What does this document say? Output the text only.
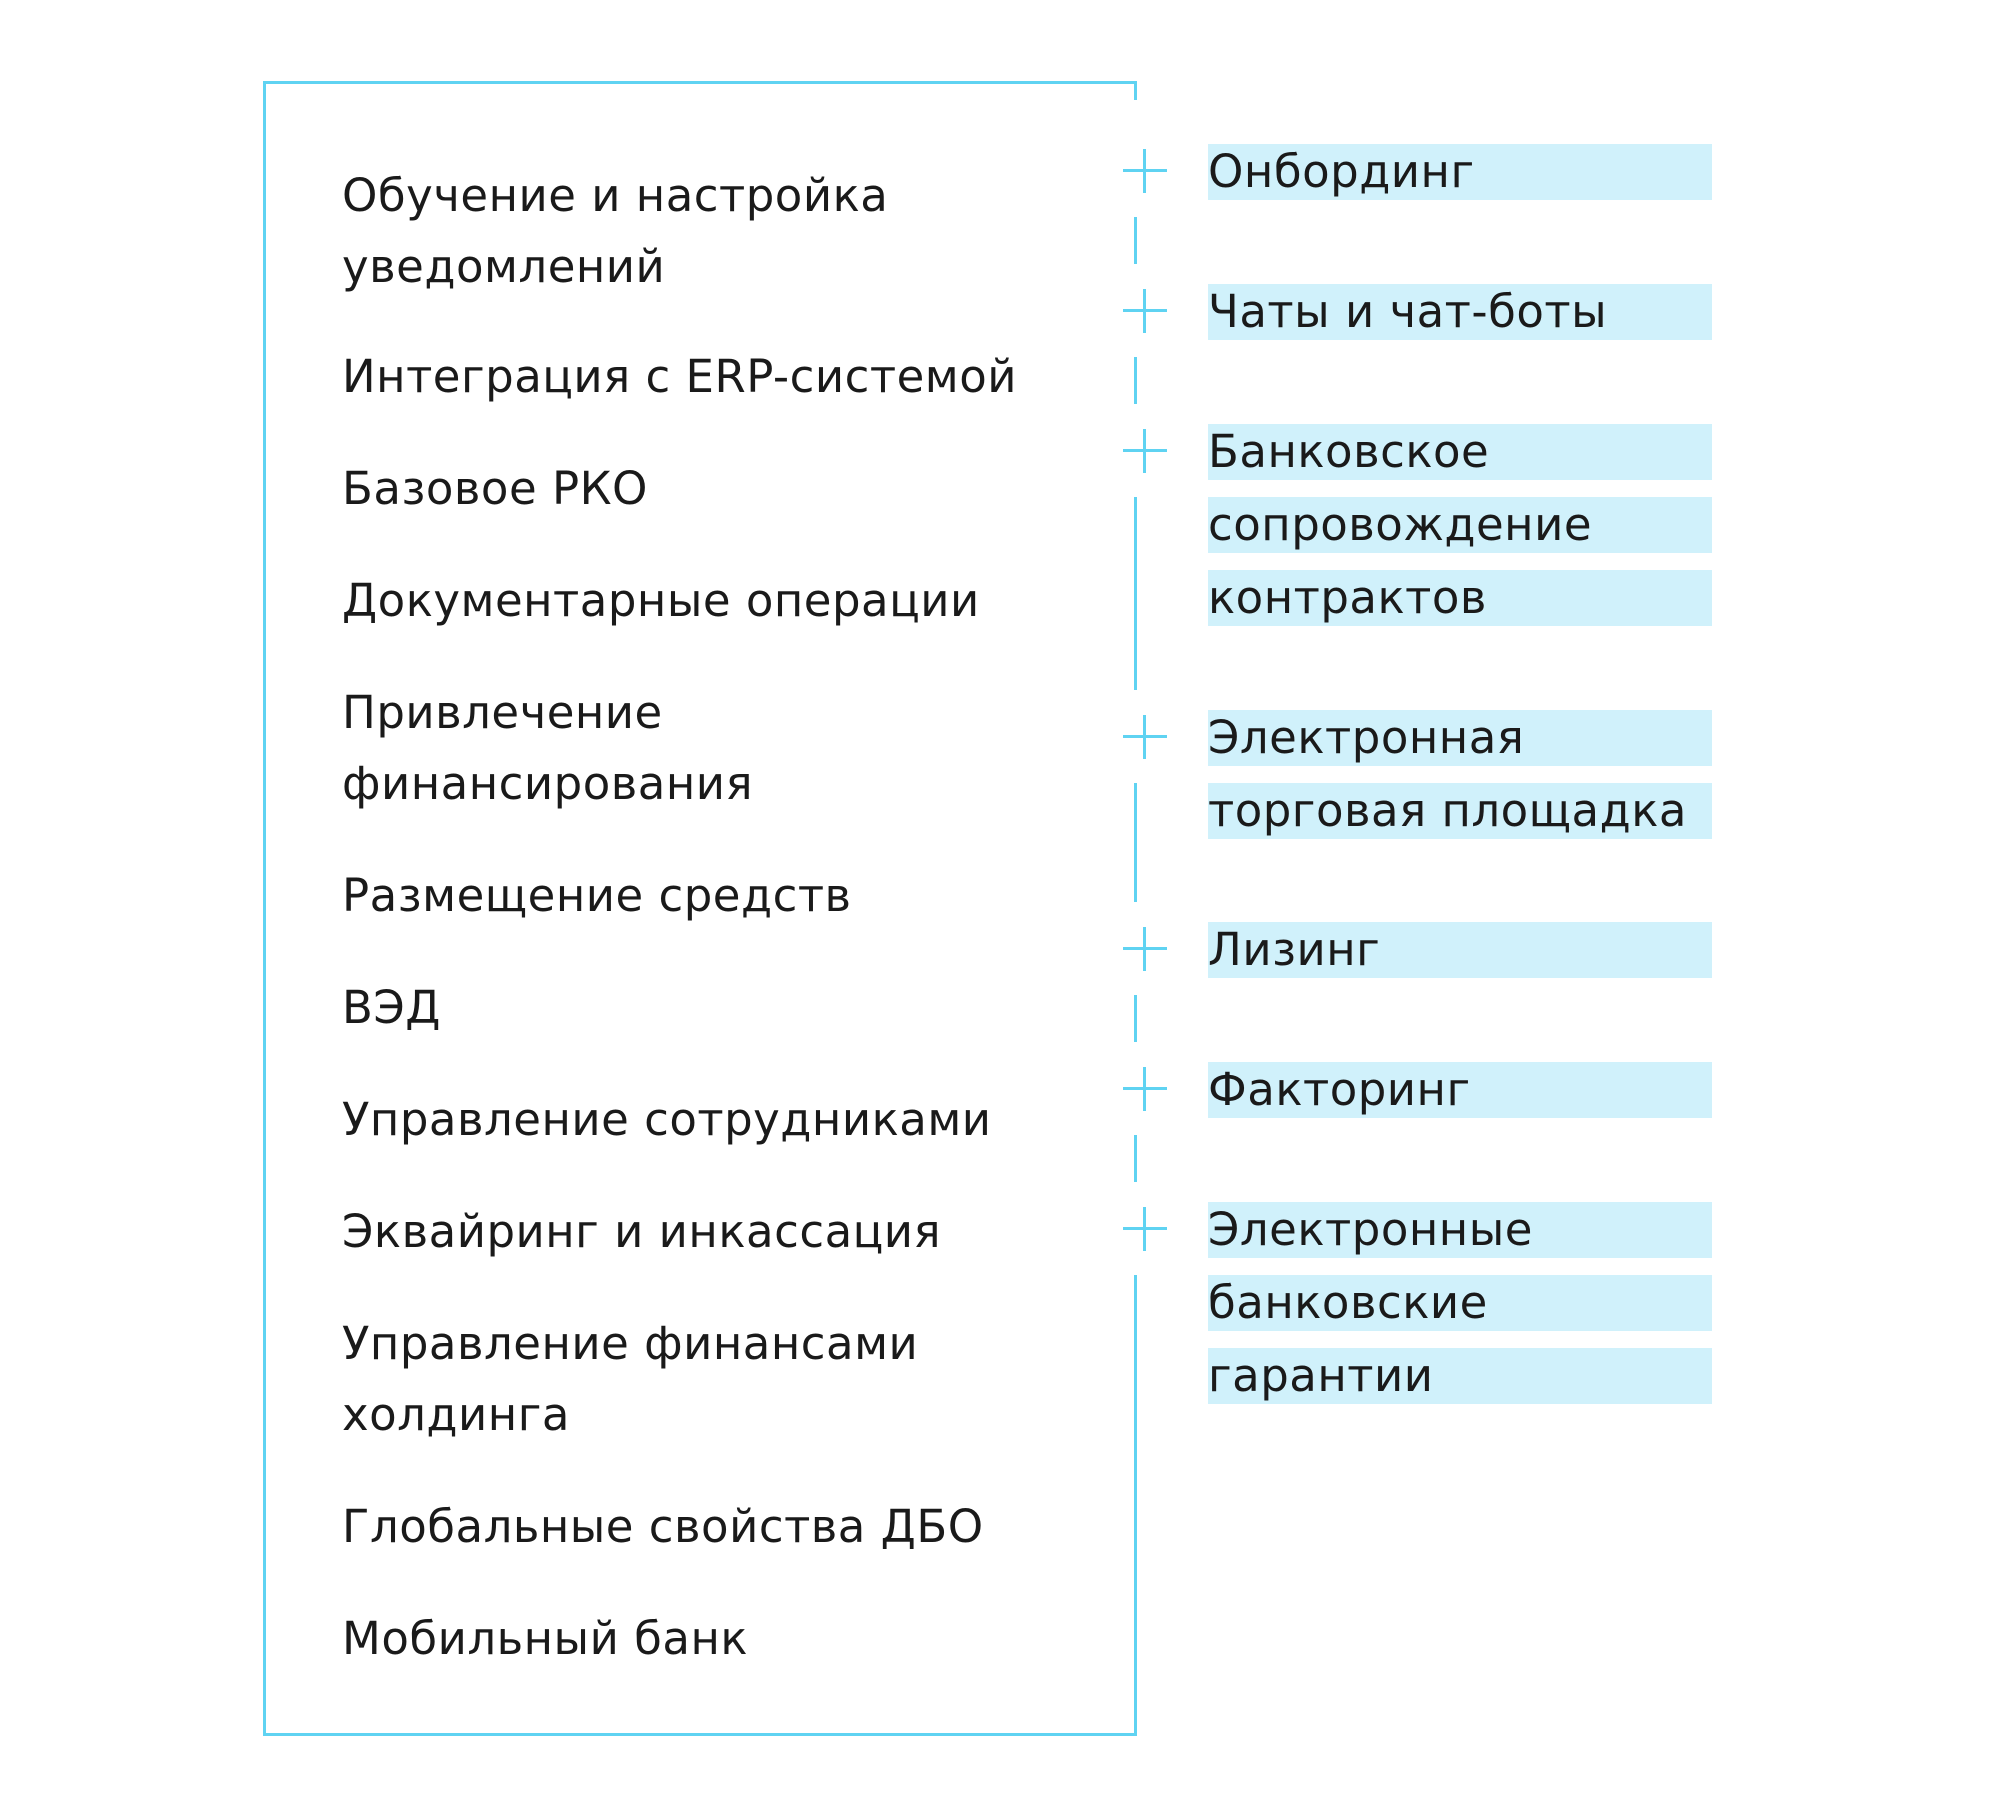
Обучение и настройка
уведомлений
Интеграция с ERP-системой
Базовое РКО
Документарные операции
Привлечение
финансирования
Размещение средств
ВЭД
Управление сотрудниками
Эквайринг и инкассация
Управление финансами
холдинга
Глобальные свойства ДБО
Мобильный банк
Онбординг
Чаты и чат-боты
Банковское
сопровождение
контрактов
Электронная
торговая площадка
Лизинг
Факторинг
Электронные
банковские
гарантии
